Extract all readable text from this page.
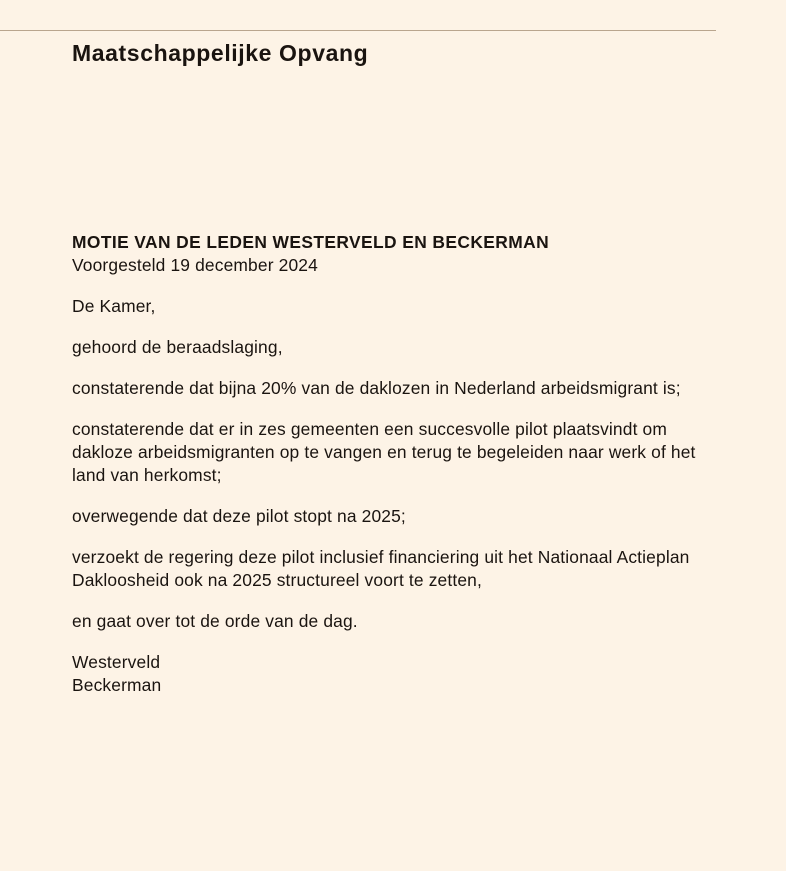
Maatschappelijke Opvang

MOTIE VAN DE LEDEN WESTERVELD EN BECKERMAN

Voorgesteld 19 december 2024

De Kamer,

gehoord de beraadslaging,

constaterende dat bijna 20% van de daklozen in Nederland arbeidsmigrant is;

constaterende dat er in zes gemeenten een succesvolle pilot plaatsvindt om dakloze arbeidsmigranten op te vangen en terug te begeleiden naar werk of het land van herkomst;

overwegende dat deze pilot stopt na 2025;

verzoekt de regering deze pilot inclusief financiering uit het Nationaal Actieplan Dakloosheid ook na 2025 structureel voort te zetten,

en gaat over tot de orde van de dag.

Westerveld
Beckerman
